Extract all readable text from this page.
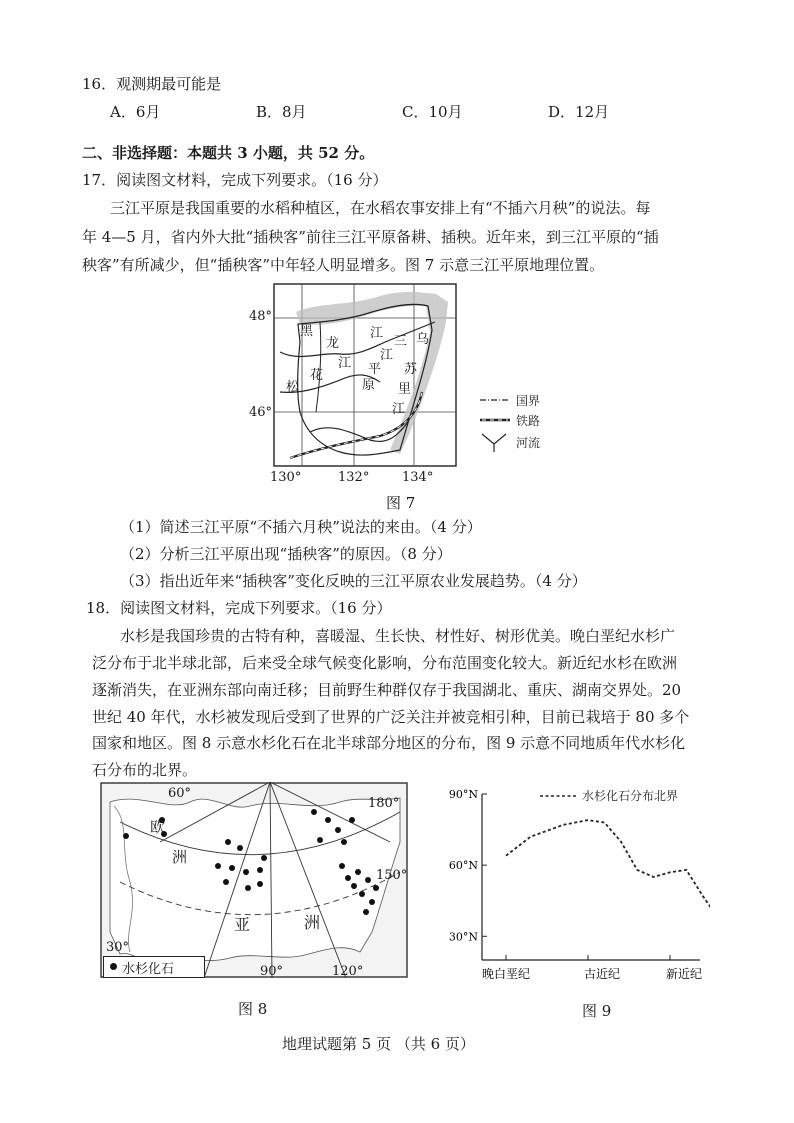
16．观测期最可能是
A．6月	B．8月	C．10月	D．12月
二、非选择题：本题共 3 小题，共 52 分。
17．阅读图文材料，完成下列要求。（16 分）
三江平原是我国重要的水稻种植区，在水稻农事安排上有“不插六月秧”的说法。每
年 4—5 月，省内外大批“插秧客”前往三江平原备耕、插秧。近年来，到三江平原的“插
秧客”有所减少，但“插秧客”中年轻人明显增多。图 7 示意三江平原地理位置。
48°
46°
130°	132°	134°
黑
龙
江	乌
苏
里
江
三
江
平
原
松
花
江
国界
铁路
河流
图 7
（1）简述三江平原“不插六月秧”说法的来由。（4 分）
（2）分析三江平原出现“插秧客”的原因。（8 分）
（3）指出近年来“插秧客”变化反映的三江平原农业发展趋势。（4 分）
18．阅读图文材料，完成下列要求。（16 分）
水杉是我国珍贵的古特有种，喜暖湿、生长快、材性好、树形优美。晚白垩纪水杉广
泛分布于北半球北部，后来受全球气候变化影响，分布范围变化较大。新近纪水杉在欧洲
逐渐消失，在亚洲东部向南迁移；目前野生种群仅存于我国湖北、重庆、湖南交界处。20
世纪 40 年代，水杉被发现后受到了世界的广泛关注并被竞相引种，目前已栽培于 80 多个
国家和地区。图 8 示意水杉化石在北半球部分地区的分布，图 9 示意不同地质年代水杉化
石分布的北界。
60°
180°
欧
洲
亚	洲
150°
30°
90°	120°
水杉化石
图 8
水杉化石分布北界
90°N
60°N
30°N
晚白垩纪	古近纪	新近纪
图 9
地理试题第 5 页 （共 6 页）
